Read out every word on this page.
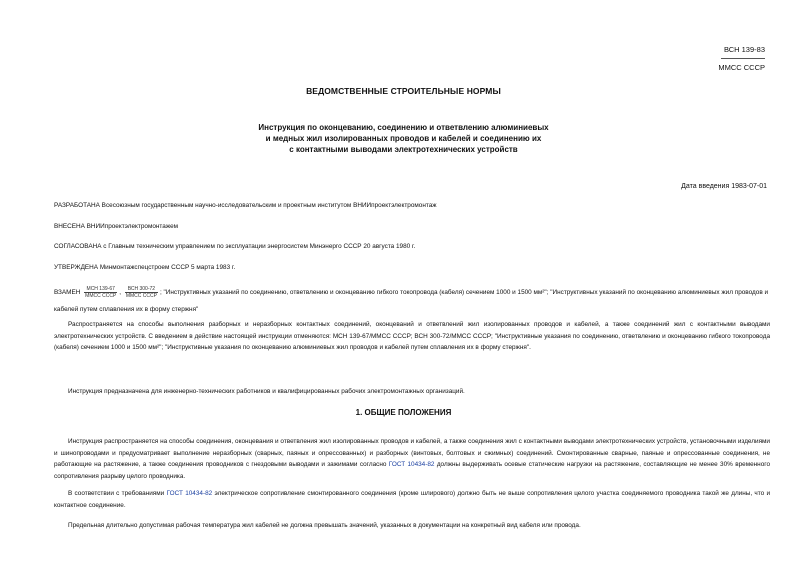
ВСН 139-83
ММСС СССР
ВЕДОМСТВЕННЫЕ СТРОИТЕЛЬНЫЕ НОРМЫ
Инструкция по оконцеванию, соединению и ответвлению алюминиевых
и медных жил изолированных проводов и кабелей и соединению их
с контактными выводами электротехнических устройств
Дата введения 1983-07-01
РАЗРАБОТАНА Всесоюзным государственным научно-исследовательским и проектным институтом ВНИИпроектэлектромонтаж
ВНЕСЕНА ВНИИпроектэлектромонтажем
СОГЛАСОВАНА с Главным техническим управлением по эксплуатации энергосистем Минэнерго СССР 20 августа 1980 г.
УТВЕРЖДЕНА Минмонтажспецстроем СССР 5 марта 1983 г.
ВЗАМЕН $\frac{\text{МСН 139-67}}{\text{ММСС СССР}}$ , $\frac{\text{ВСН 300-72}}{\text{ММСС СССР}}$ ; "Инструктивных указаний по соединению, ответвлению и оконцеванию гибкого токопровода (кабеля) сечением 1000 и 1500 мм²"; "Инструктивных указаний по оконцеванию алюминиевых жил проводов и кабелей путем сплавления их в форму стержня"
Распространяется на способы выполнения разборных и неразборных контактных соединений, оконцеваний и ответвлений жил изолированных проводов и кабелей, а также соединений жил с контактными выводами электротехнических устройств. С введением в действие настоящей инструкции отменяются: МСН 139-67/ММСС СССР; ВСН 300-72/ММСС СССР; "Инструктивные указания по соединению, ответвлению и оконцеванию гибкого токопровода (кабеля) сечением 1000 и 1500 мм²"; "Инструктивные указания по оконцеванию алюминиевых жил проводов и кабелей путем сплавления их в форму стержня".
Инструкция предназначена для инженерно-технических работников и квалифицированных рабочих электромонтажных организаций.
1. ОБЩИЕ ПОЛОЖЕНИЯ
Инструкция распространяется на способы соединения, оконцевания и ответвления жил изолированных проводов и кабелей, а также соединения жил с контактными выводами электротехнических устройств, установочными изделиями и шинопроводами и предусматривает выполнение неразборных (сварных, паяных и опрессованных) и разборных (винтовых, болтовых и сжимных) соединений. Смонтированные сварные, паяные и опрессованные соединения, не работающие на растяжение, а также соединения проводников с гнездовыми выводами и зажимами согласно ГОСТ 10434-82 должны выдерживать осевые статические нагрузки на растяжение, составляющие не менее 30% временного сопротивления разрыву целого проводника.
В соответствии с требованиями ГОСТ 10434-82 электрическое сопротивление смонтированного соединения (кроме шлирового) должно быть не выше сопротивления целого участка соединяемого проводника такой же длины, что и контактное соединение.
Предельная длительно допустимая рабочая температура жил кабелей не должна превышать значений, указанных в документации на конкретный вид кабеля или провода.
